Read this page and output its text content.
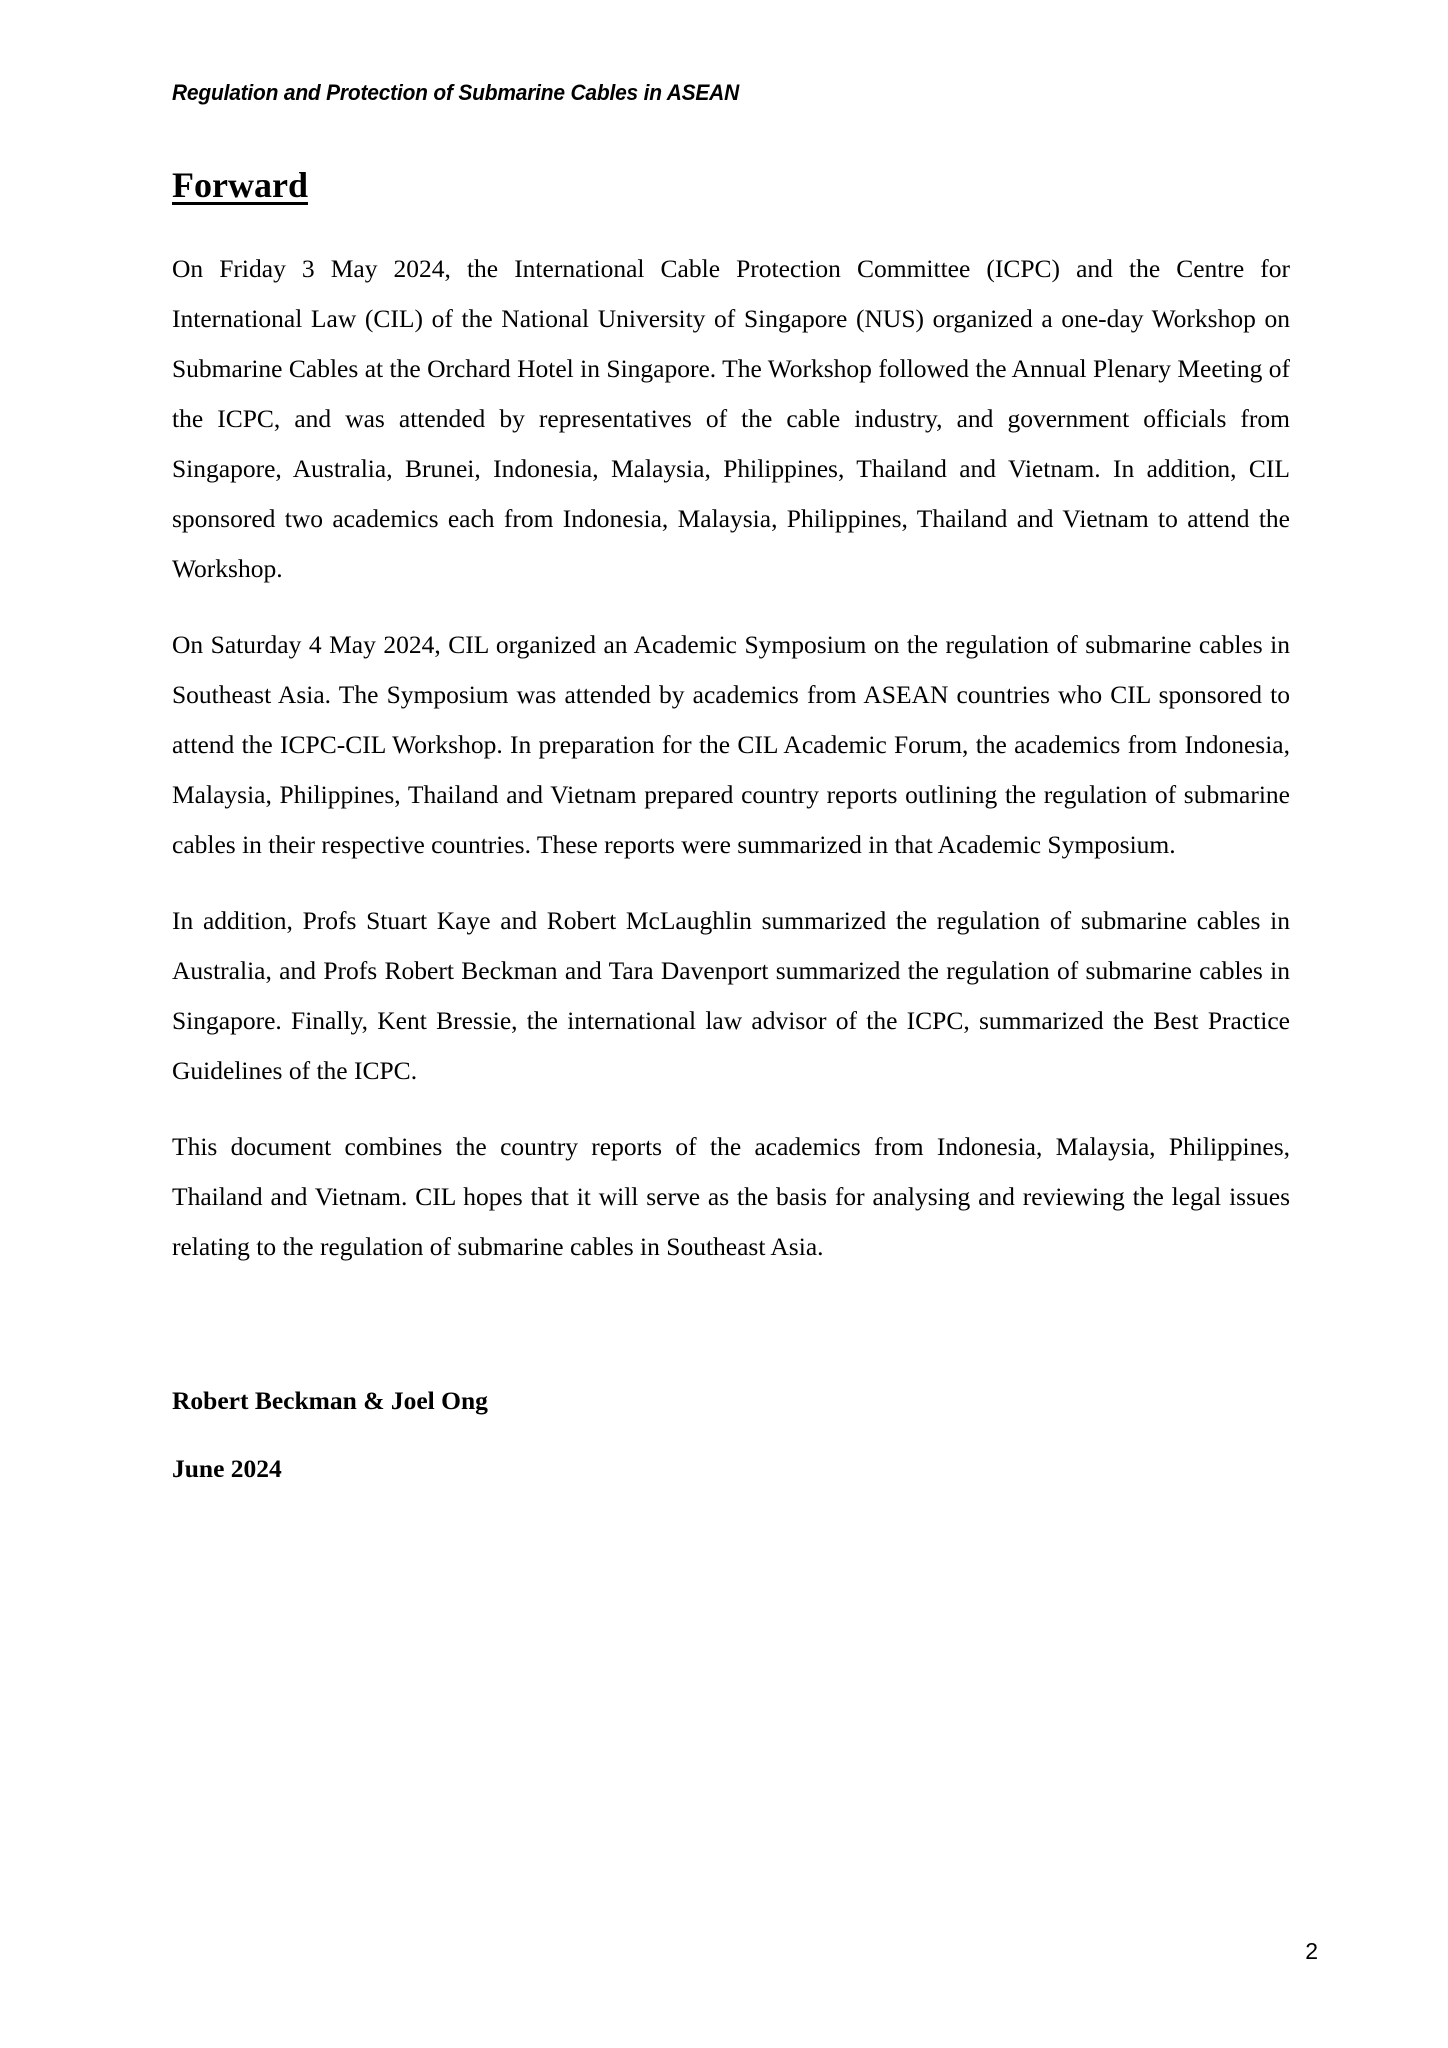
Regulation and Protection of Submarine Cables in ASEAN
Forward

On Friday 3 May 2024, the International Cable Protection Committee (ICPC) and the Centre for International Law (CIL) of the National University of Singapore (NUS) organized a one-day Workshop on Submarine Cables at the Orchard Hotel in Singapore. The Workshop followed the Annual Plenary Meeting of the ICPC, and was attended by representatives of the cable industry, and government officials from Singapore, Australia, Brunei, Indonesia, Malaysia, Philippines, Thailand and Vietnam. In addition, CIL sponsored two academics each from Indonesia, Malaysia, Philippines, Thailand and Vietnam to attend the Workshop.

On Saturday 4 May 2024, CIL organized an Academic Symposium on the regulation of submarine cables in Southeast Asia. The Symposium was attended by academics from ASEAN countries who CIL sponsored to attend the ICPC-CIL Workshop. In preparation for the CIL Academic Forum, the academics from Indonesia, Malaysia, Philippines, Thailand and Vietnam prepared country reports outlining the regulation of submarine cables in their respective countries. These reports were summarized in that Academic Symposium.

In addition, Profs Stuart Kaye and Robert McLaughlin summarized the regulation of submarine cables in Australia, and Profs Robert Beckman and Tara Davenport summarized the regulation of submarine cables in Singapore. Finally, Kent Bressie, the international law advisor of the ICPC, summarized the Best Practice Guidelines of the ICPC.

This document combines the country reports of the academics from Indonesia, Malaysia, Philippines, Thailand and Vietnam. CIL hopes that it will serve as the basis for analysing and reviewing the legal issues relating to the regulation of submarine cables in Southeast Asia.

Robert Beckman & Joel Ong

June 2024

2
